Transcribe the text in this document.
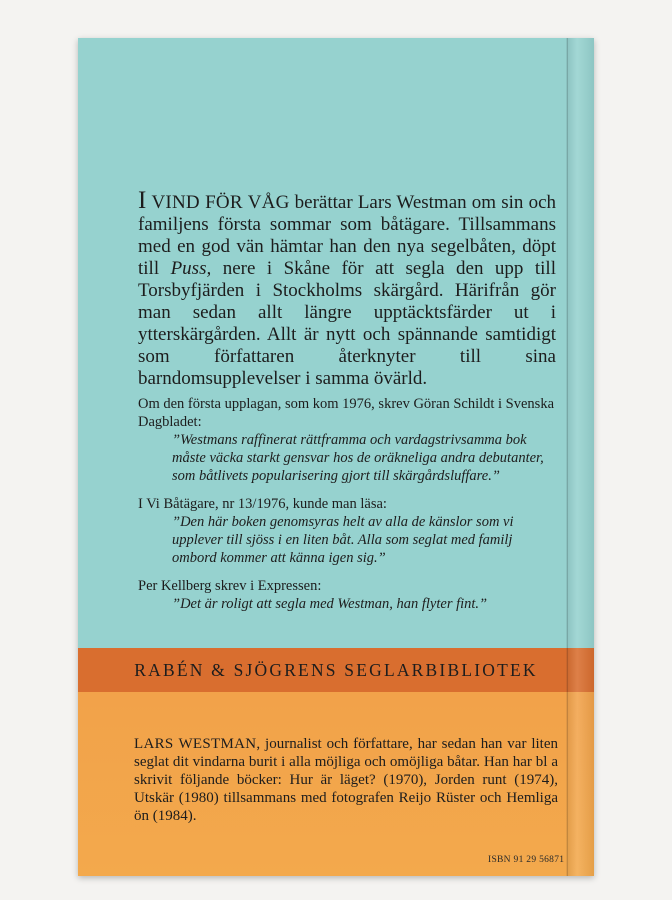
I VIND FÖR VÅG berättar Lars Westman om sin och familjens första sommar som båtägare. Tillsammans med en god vän hämtar han den nya segelbåten, döpt till Puss, nere i Skåne för att segla den upp till Torsbyfjärden i Stockholms skärgård. Härifrån gör man sedan allt längre upptäcktsfärder ut i ytterskärgården. Allt är nytt och spännande samtidigt som författaren återknyter till sina barndomsupplevelser i samma övärld.

Om den första upplagan, som kom 1976, skrev Göran Schildt i Svenska Dagbladet:

”Westmans raffinerat rättframma och vardagstrivsamma bok måste väcka starkt gensvar hos de oräkneliga andra debutanter, som båtlivets popularisering gjort till skärgårdsluffare.”

I Vi Båtägare, nr 13/1976, kunde man läsa:

”Den här boken genomsyras helt av alla de känslor som vi upplever till sjöss i en liten båt. Alla som seglat med familj ombord kommer att känna igen sig.”

Per Kellberg skrev i Expressen:

”Det är roligt att segla med Westman, han flyter fint.”

RABÉN & SJÖGRENS SEGLARBIBLIOTEK
LARS WESTMAN, journalist och författare, har sedan han var liten seglat dit vindarna burit i alla möjliga och omöjliga båtar. Han har bl a skrivit följande böcker: Hur är läget? (1970), Jorden runt (1974), Utskär (1980) tillsammans med fotografen Reijo Rüster och Hemliga ön (1984).
ISBN 91 29 56871
